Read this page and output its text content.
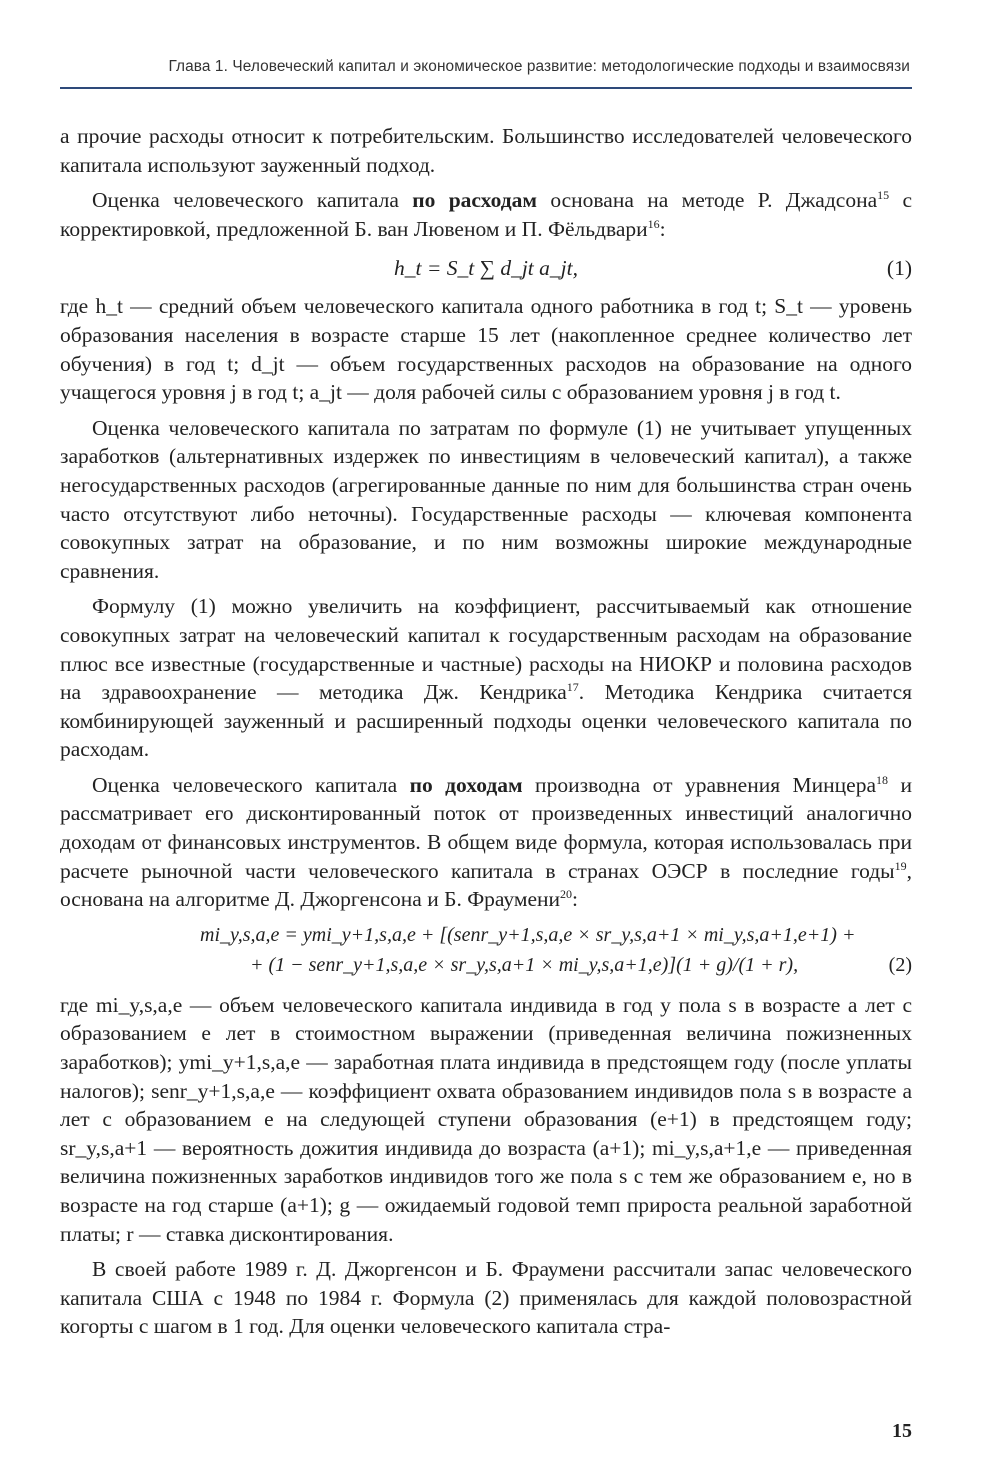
Глава 1. Человеческий капитал и экономическое развитие: методологические подходы и взаимосвязи

а прочие расходы относит к потребительским. Большинство исследователей человеческого капитала используют зауженный подход.

Оценка человеческого капитала по расходам основана на методе Р. Джадсона$^{15}$ с корректировкой, предложенной Б. ван Лювеном и П. Фёльдвари$^{16}$:

h_t = S_t ∑ d_jt a_jt,	(1)

где h_t — средний объем человеческого капитала одного работника в год t; S_t — уровень образования населения в возрасте старше 15 лет (накопленное среднее количество лет обучения) в год t; d_jt — объем государственных расходов на образование на одного учащегося уровня j в год t; a_jt — доля рабочей силы с образованием уровня j в год t.

Оценка человеческого капитала по затратам по формуле (1) не учитывает упущенных заработков (альтернативных издержек по инвестициям в человеческий капитал), а также негосударственных расходов (агрегированные данные по ним для большинства стран очень часто отсутствуют либо неточны). Государственные расходы — ключевая компонента совокупных затрат на образование, и по ним возможны широкие международные сравнения.

Формулу (1) можно увеличить на коэффициент, рассчитываемый как отношение совокупных затрат на человеческий капитал к государственным расходам на образование плюс все известные (государственные и частные) расходы на НИОКР и половина расходов на здравоохранение — методика Дж. Кендрика$^{17}$. Методика Кендрика считается комбинирующей зауженный и расширенный подходы оценки человеческого капитала по расходам.

Оценка человеческого капитала по доходам производна от уравнения Минцера$^{18}$ и рассматривает его дисконтированный поток от произведенных инвестиций аналогично доходам от финансовых инструментов. В общем виде формула, которая использовалась при расчете рыночной части человеческого капитала в странах ОЭСР в последние годы$^{19}$, основана на алгоритме Д. Джоргенсона и Б. Фраумени$^{20}$:

mi_y,s,a,e = ymi_y+1,s,a,e + [(senr_y+1,s,a,e × sr_y,s,a+1 × mi_y,s,a+1,e+1) +
+ (1 − senr_y+1,s,a,e × sr_y,s,a+1 × mi_y,s,a+1,e)](1 + g)/(1 + r),	(2)

где mi_y,s,a,e — объем человеческого капитала индивида в год y пола s в возрасте a лет с образованием e лет в стоимостном выражении (приведенная величина пожизненных заработков); ymi_y+1,s,a,e — заработная плата индивида в предстоящем году (после уплаты налогов); senr_y+1,s,a,e — коэффициент охвата образованием индивидов пола s в возрасте a лет с образованием e на следующей ступени образования (e+1) в предстоящем году; sr_y,s,a+1 — вероятность дожития индивида до возраста (a+1); mi_y,s,a+1,e — приведенная величина пожизненных заработков индивидов того же пола s с тем же образованием e, но в возрасте на год старше (a+1); g — ожидаемый годовой темп прироста реальной заработной платы; r — ставка дисконтирования.

В своей работе 1989 г. Д. Джоргенсон и Б. Фраумени рассчитали запас человеческого капитала США с 1948 по 1984 г. Формула (2) применялась для каждой половозрастной когорты с шагом в 1 год. Для оценки человеческого капитала стра-

15
